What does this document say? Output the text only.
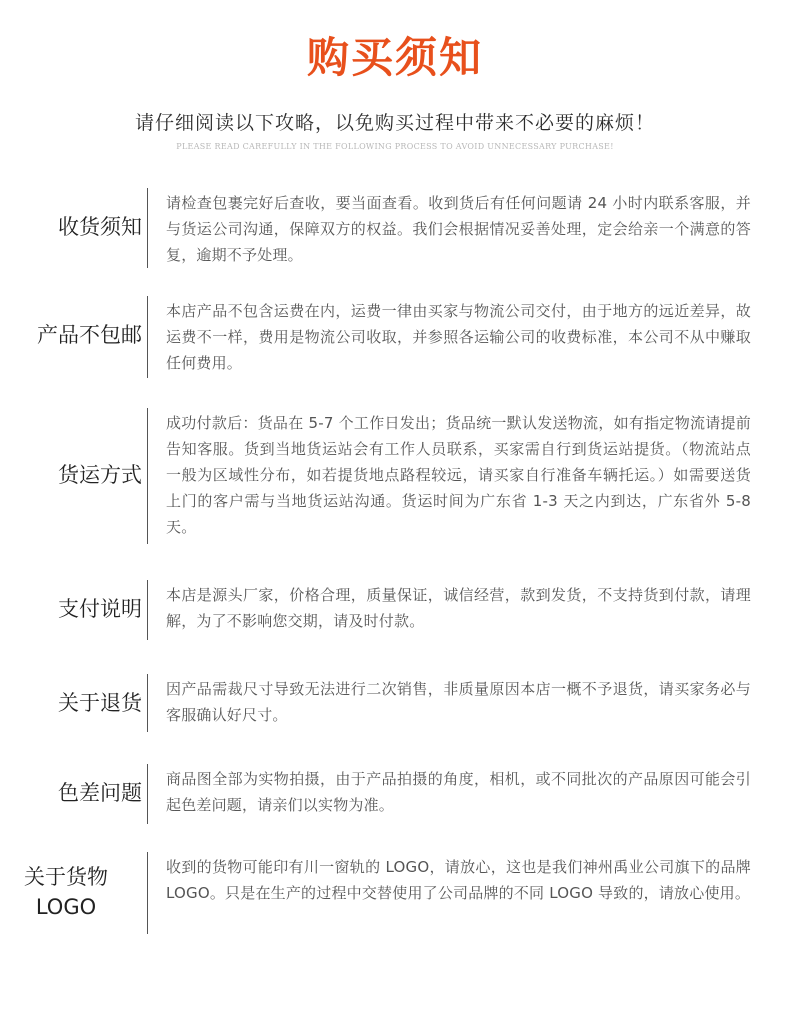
购买须知
请仔细阅读以下攻略，以免购买过程中带来不必要的麻烦！
PLEASE READ CAREFULLY IN THE FOLLOWING PROCESS TO AVOID UNNECESSARY PURCHASE!
收货须知
请检查包裹完好后查收，要当面查看。收到货后有任何问题请 24 小时内联系客服，并与货运公司沟通，保障双方的权益。我们会根据情况妥善处理，定会给亲一个满意的答复，逾期不予处理。
产品不包邮
本店产品不包含运费在内，运费一律由买家与物流公司交付，由于地方的远近差异，故运费不一样，费用是物流公司收取，并参照各运输公司的收费标准，本公司不从中赚取任何费用。
货运方式
成功付款后：货品在 5-7 个工作日发出；货品统一默认发送物流，如有指定物流请提前告知客服。货到当地货运站会有工作人员联系，买家需自行到货运站提货。（物流站点一般为区域性分布，如若提货地点路程较远，请买家自行准备车辆托运。）如需要送货上门的客户需与当地货运站沟通。货运时间为广东省 1-3 天之内到达，广东省外 5-8 天。
支付说明
本店是源头厂家，价格合理，质量保证，诚信经营，款到发货，不支持货到付款，请理解，为了不影响您交期，请及时付款。
关于退货
因产品需裁尺寸导致无法进行二次销售，非质量原因本店一概不予退货，请买家务必与客服确认好尺寸。
色差问题
商品图全部为实物拍摄，由于产品拍摄的角度，相机，或不同批次的产品原因可能会引起色差问题，请亲们以实物为准。
关于货物
LOGO
收到的货物可能印有川一窗轨的 LOGO，请放心，这也是我们神州禹业公司旗下的品牌 LOGO。只是在生产的过程中交替使用了公司品牌的不同 LOGO 导致的，请放心使用。
